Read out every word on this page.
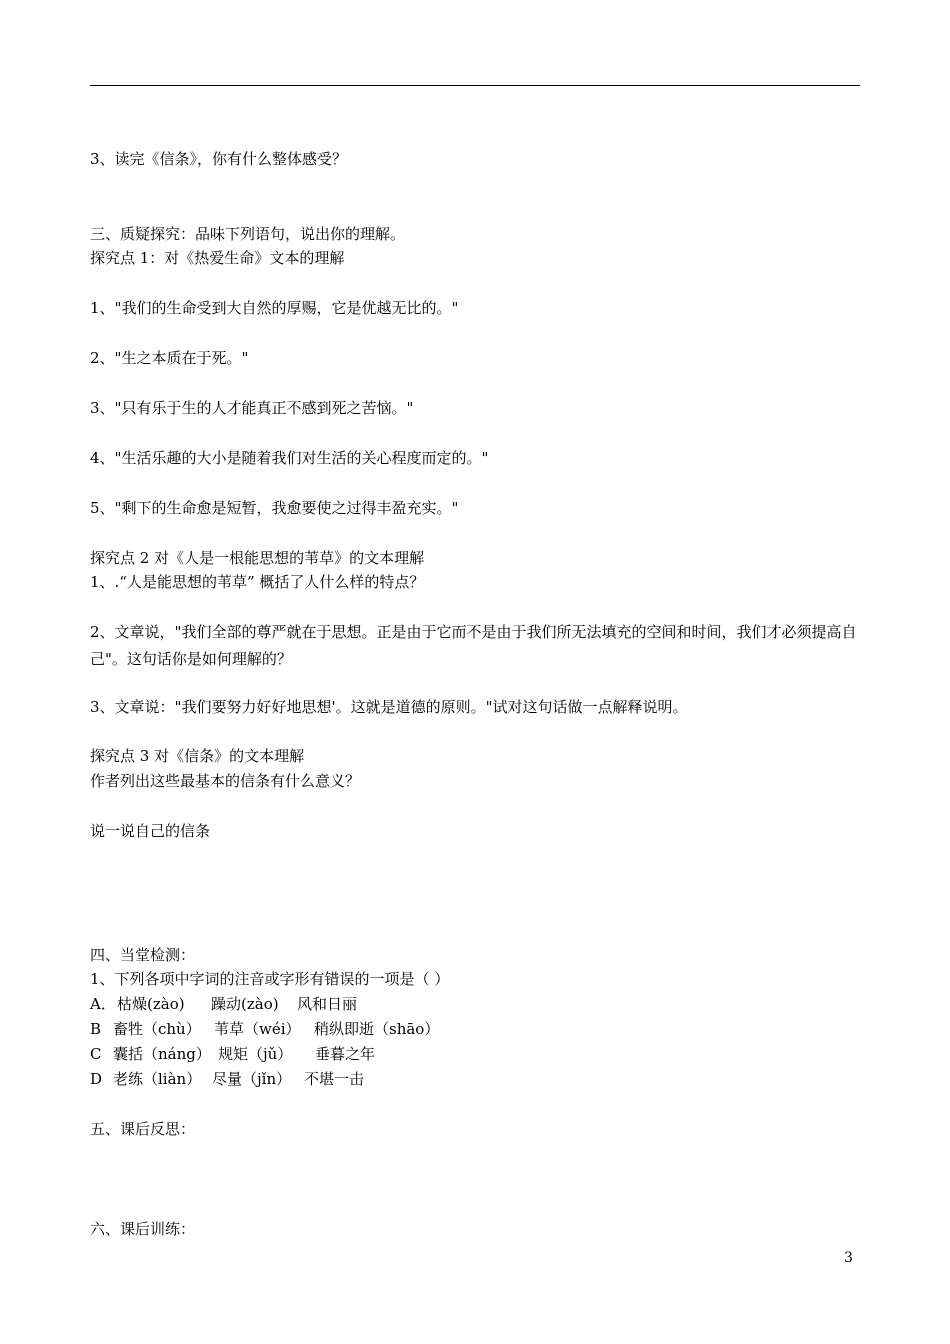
3、读完《信条》，你有什么整体感受？
三、质疑探究：品味下列语句，说出你的理解。
探究点 1：对《热爱生命》文本的理解
1、"我们的生命受到大自然的厚赐，它是优越无比的。"
2、"生之本质在于死。"
3、"只有乐于生的人才能真正不感到死之苦恼。"
4、"生活乐趣的大小是随着我们对生活的关心程度而定的。"
5、"剩下的生命愈是短暂，我愈要使之过得丰盈充实。"
探究点 2 对《人是一根能思想的苇草》的文本理解
1、.“人是能思想的苇草” 概括了人什么样的特点？
2、文章说，"我们全部的尊严就在于思想。正是由于它而不是由于我们所无法填充的空间和时间，我们才必须提高自己"。这句话你是如何理解的？
3、文章说："我们要努力好好地思想'。这就是道德的原则。"试对这句话做一点解释说明。
探究点 3 对《信条》的文本理解
作者列出这些最基本的信条有什么意义？
说一说自己的信条
四、当堂检测：
1、下列各项中字词的注音或字形有错误的一项是（ ）
A．枯燥(zào) 躁动(zào) 风和日丽
B 畜牲（chù） 苇草（wéi） 稍纵即逝（shāo）
C 囊括（náng） 规矩（jǔ） 垂暮之年
D 老练（liàn） 尽量（jǐn） 不堪一击
五、课后反思：
六、课后训练：
3
